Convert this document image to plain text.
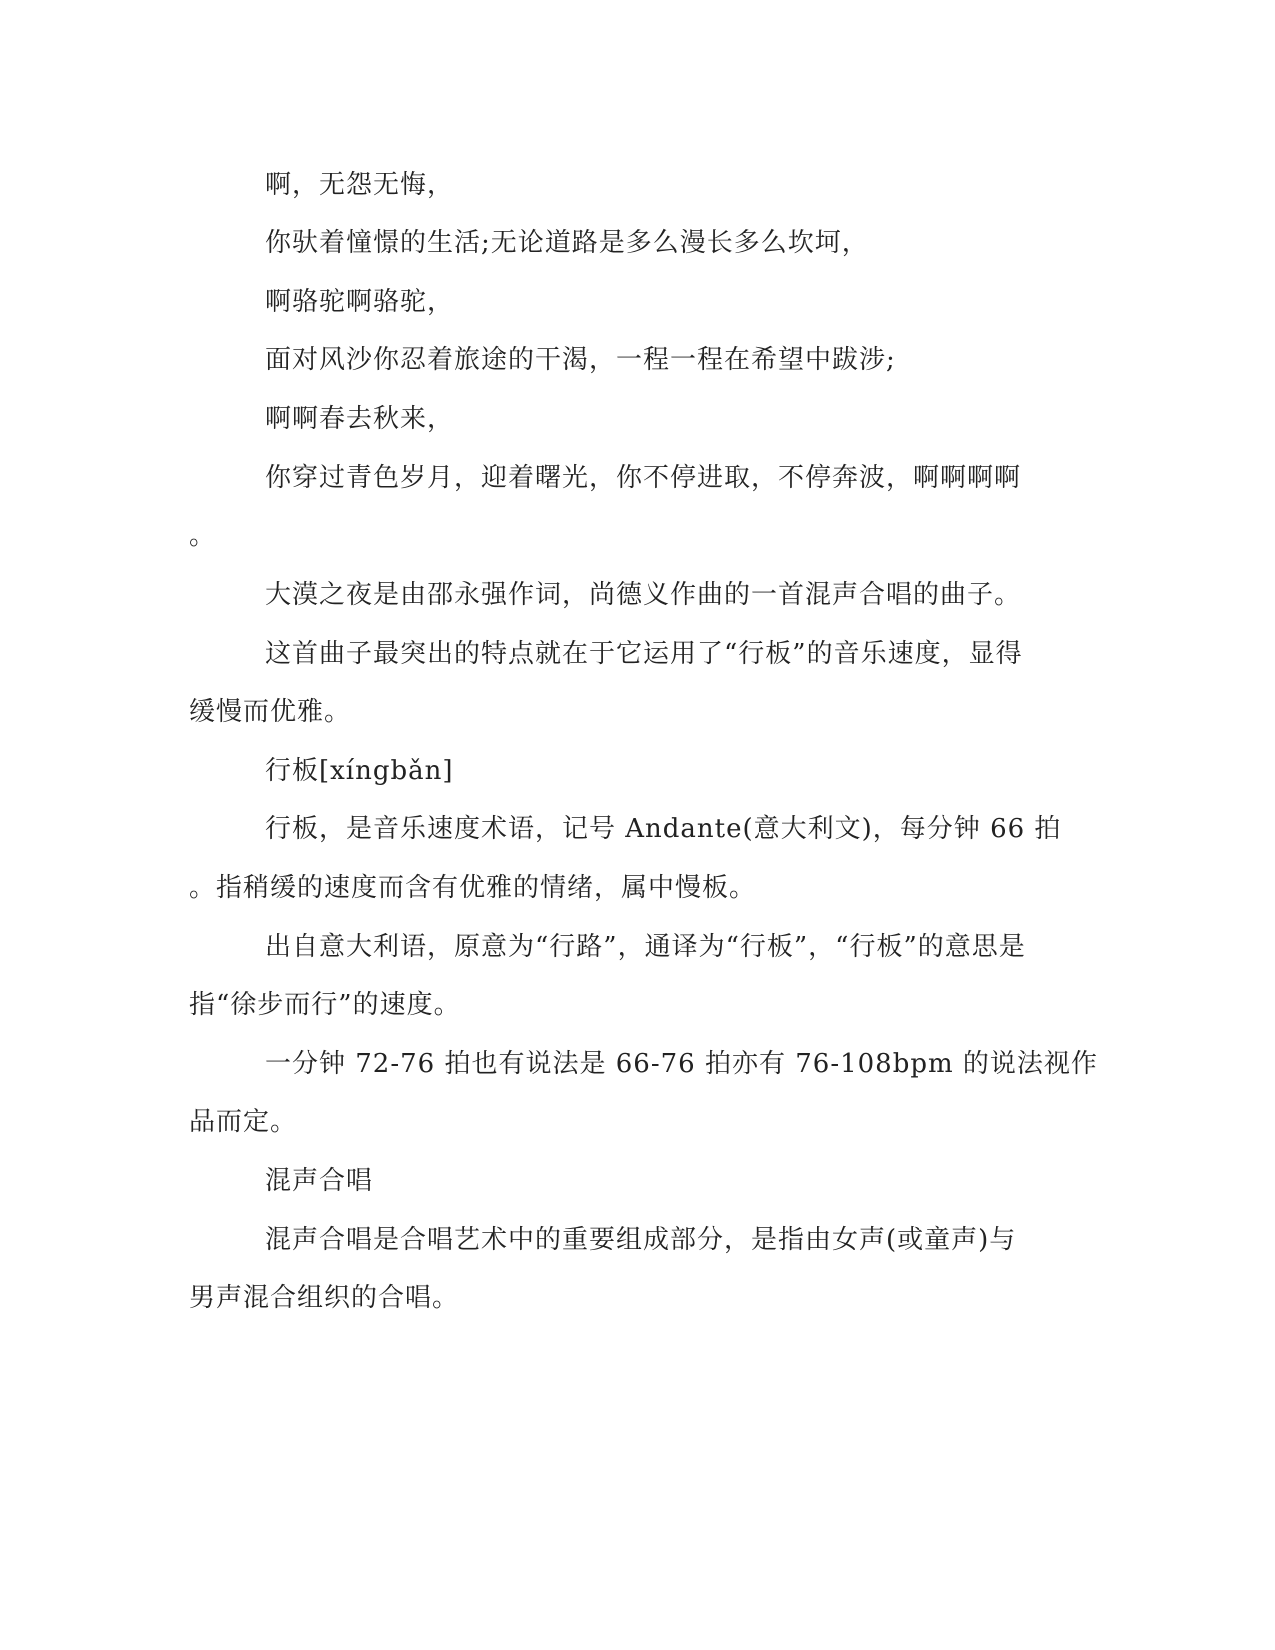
啊，无怨无悔，
你驮着憧憬的生活;无论道路是多么漫长多么坎坷，
啊骆驼啊骆驼，
面对风沙你忍着旅途的干渴，一程一程在希望中跋涉;
啊啊春去秋来，
你穿过青色岁月，迎着曙光，你不停进取，不停奔波，啊啊啊啊
。
大漠之夜是由邵永强作词，尚德义作曲的一首混声合唱的曲子。
这首曲子最突出的特点就在于它运用了“行板”的音乐速度，显得
缓慢而优雅。
行板[xíngbǎn]
行板，是音乐速度术语，记号 Andante(意大利文)，每分钟 66 拍
。指稍缓的速度而含有优雅的情绪，属中慢板。
出自意大利语，原意为“行路”，通译为“行板”，“行板”的意思是
指“徐步而行”的速度。
一分钟 72-76 拍也有说法是 66-76 拍亦有 76-108bpm 的说法视作
品而定。
混声合唱
混声合唱是合唱艺术中的重要组成部分，是指由女声(或童声)与
男声混合组织的合唱。
